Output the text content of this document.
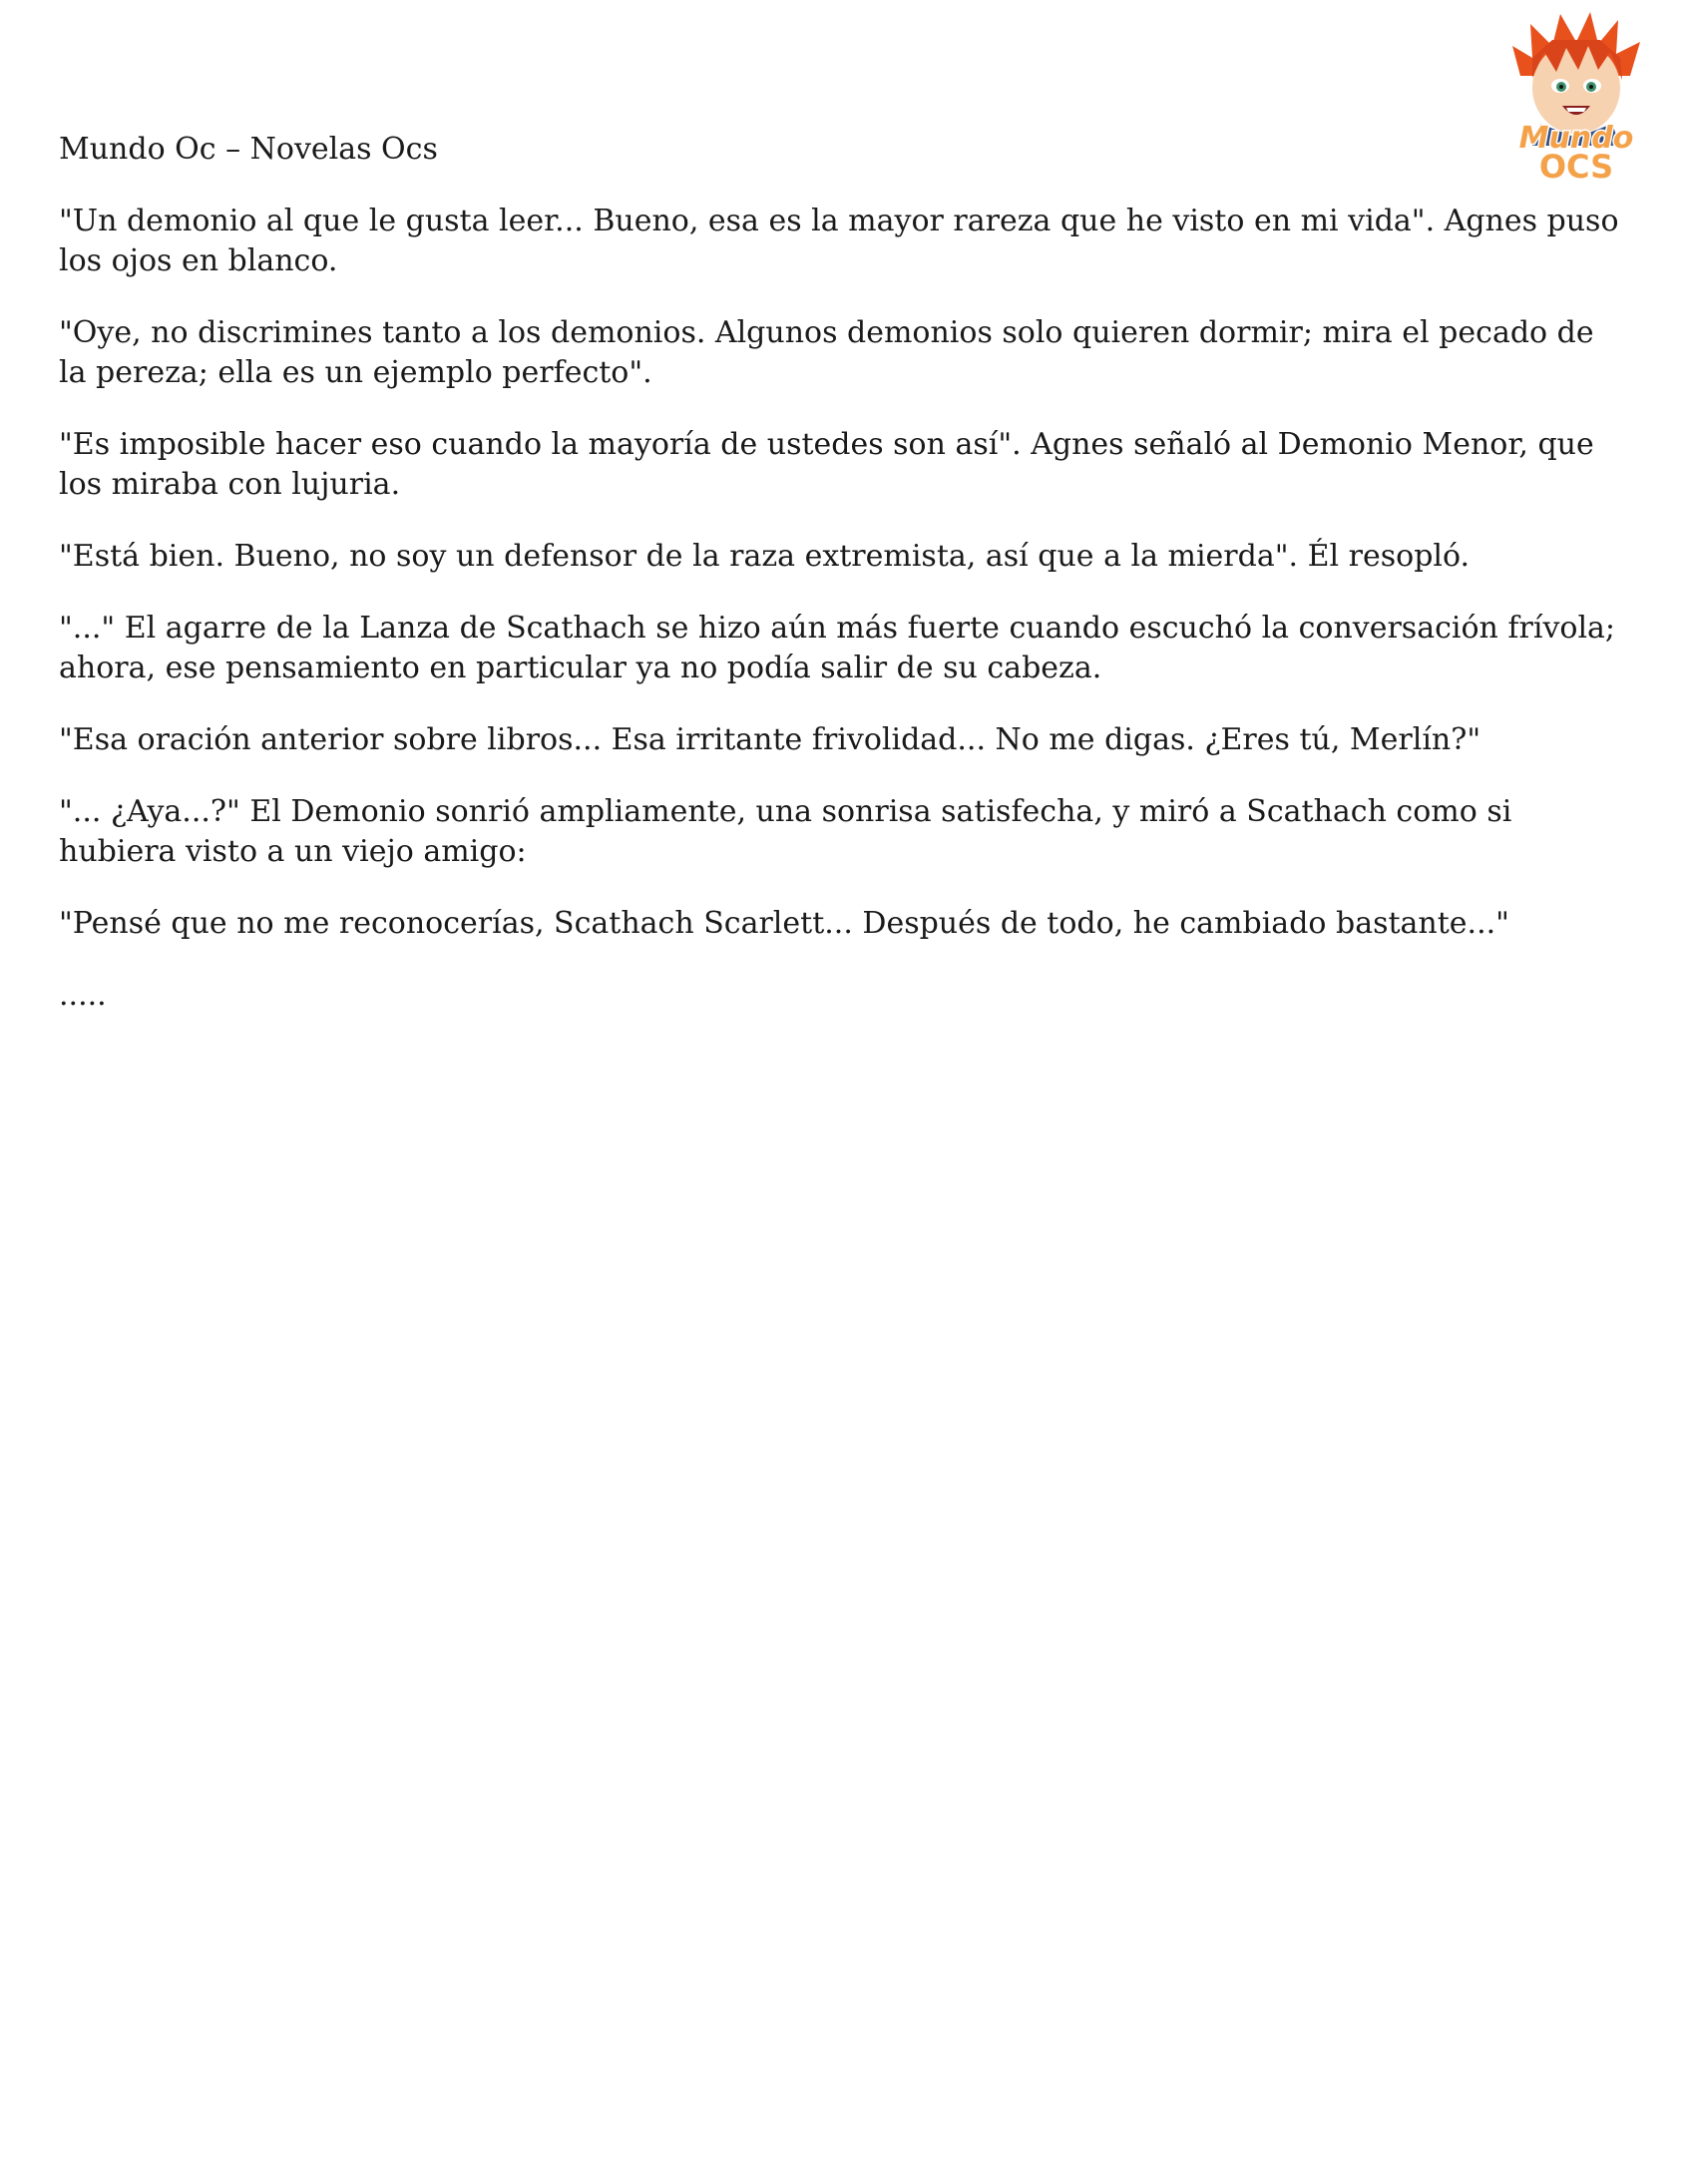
Mundo Oc – Novelas Ocs	Mundo
OCS

"Un demonio al que le gusta leer... Bueno, esa es la mayor rareza que he visto en mi vida". Agnes puso los ojos en blanco.

"Oye, no discrimines tanto a los demonios. Algunos demonios solo quieren dormir; mira el pecado de la pereza; ella es un ejemplo perfecto".

"Es imposible hacer eso cuando la mayoría de ustedes son así". Agnes señaló al Demonio Menor, que los miraba con lujuria.

"Está bien. Bueno, no soy un defensor de la raza extremista, así que a la mierda". Él resopló.

"..." El agarre de la Lanza de Scathach se hizo aún más fuerte cuando escuchó la conversación frívola; ahora, ese pensamiento en particular ya no podía salir de su cabeza.

"Esa oración anterior sobre libros... Esa irritante frivolidad... No me digas. ¿Eres tú, Merlín?"

"... ¿Aya...?" El Demonio sonrió ampliamente, una sonrisa satisfecha, y miró a Scathach como si hubiera visto a un viejo amigo:

"Pensé que no me reconocerías, Scathach Scarlett... Después de todo, he cambiado bastante..."

.....
